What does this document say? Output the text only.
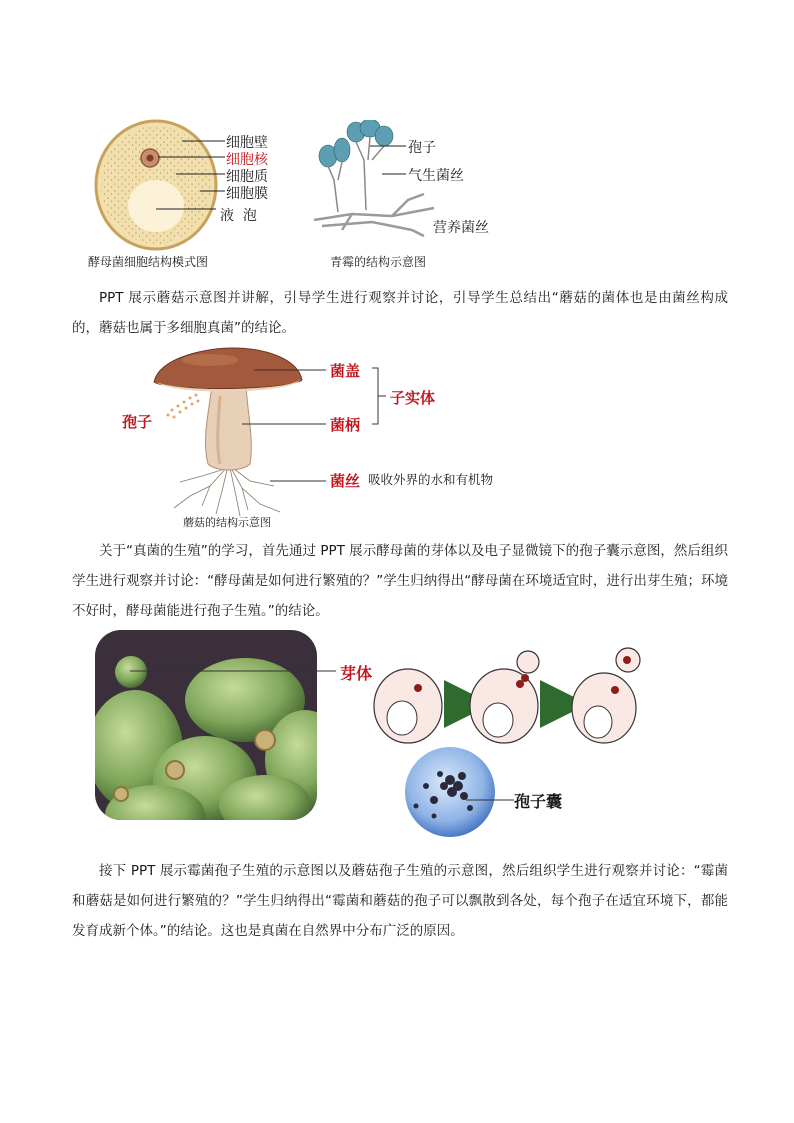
细胞壁
细胞核
细胞质
细胞膜
液  泡
酵母菌细胞结构模式图
孢子
气生菌丝
营养菌丝
青霉的结构示意图

PPT 展示蘑菇示意图并讲解，引导学生进行观察并讨论，引导学生总结出“蘑菇的菌体也是由菌丝构成的，蘑菇也属于多细胞真菌”的结论。

孢子
菌盖
菌柄
子实体
菌丝 吸收外界的水和有机物
蘑菇的结构示意图

关于“真菌的生殖”的学习，首先通过 PPT 展示酵母菌的芽体以及电子显微镜下的孢子囊示意图，然后组织学生进行观察并讨论：“酵母菌是如何进行繁殖的？”学生归纳得出“酵母菌在环境适宜时，进行出芽生殖；环境不好时，酵母菌能进行孢子生殖。”的结论。

芽体
孢子囊

接下 PPT 展示霉菌孢子生殖的示意图以及蘑菇孢子生殖的示意图，然后组织学生进行观察并讨论：“霉菌和蘑菇是如何进行繁殖的？”学生归纳得出“霉菌和蘑菇的孢子可以飘散到各处，每个孢子在适宜环境下，都能发育成新个体。”的结论。这也是真菌在自然界中分布广泛的原因。
